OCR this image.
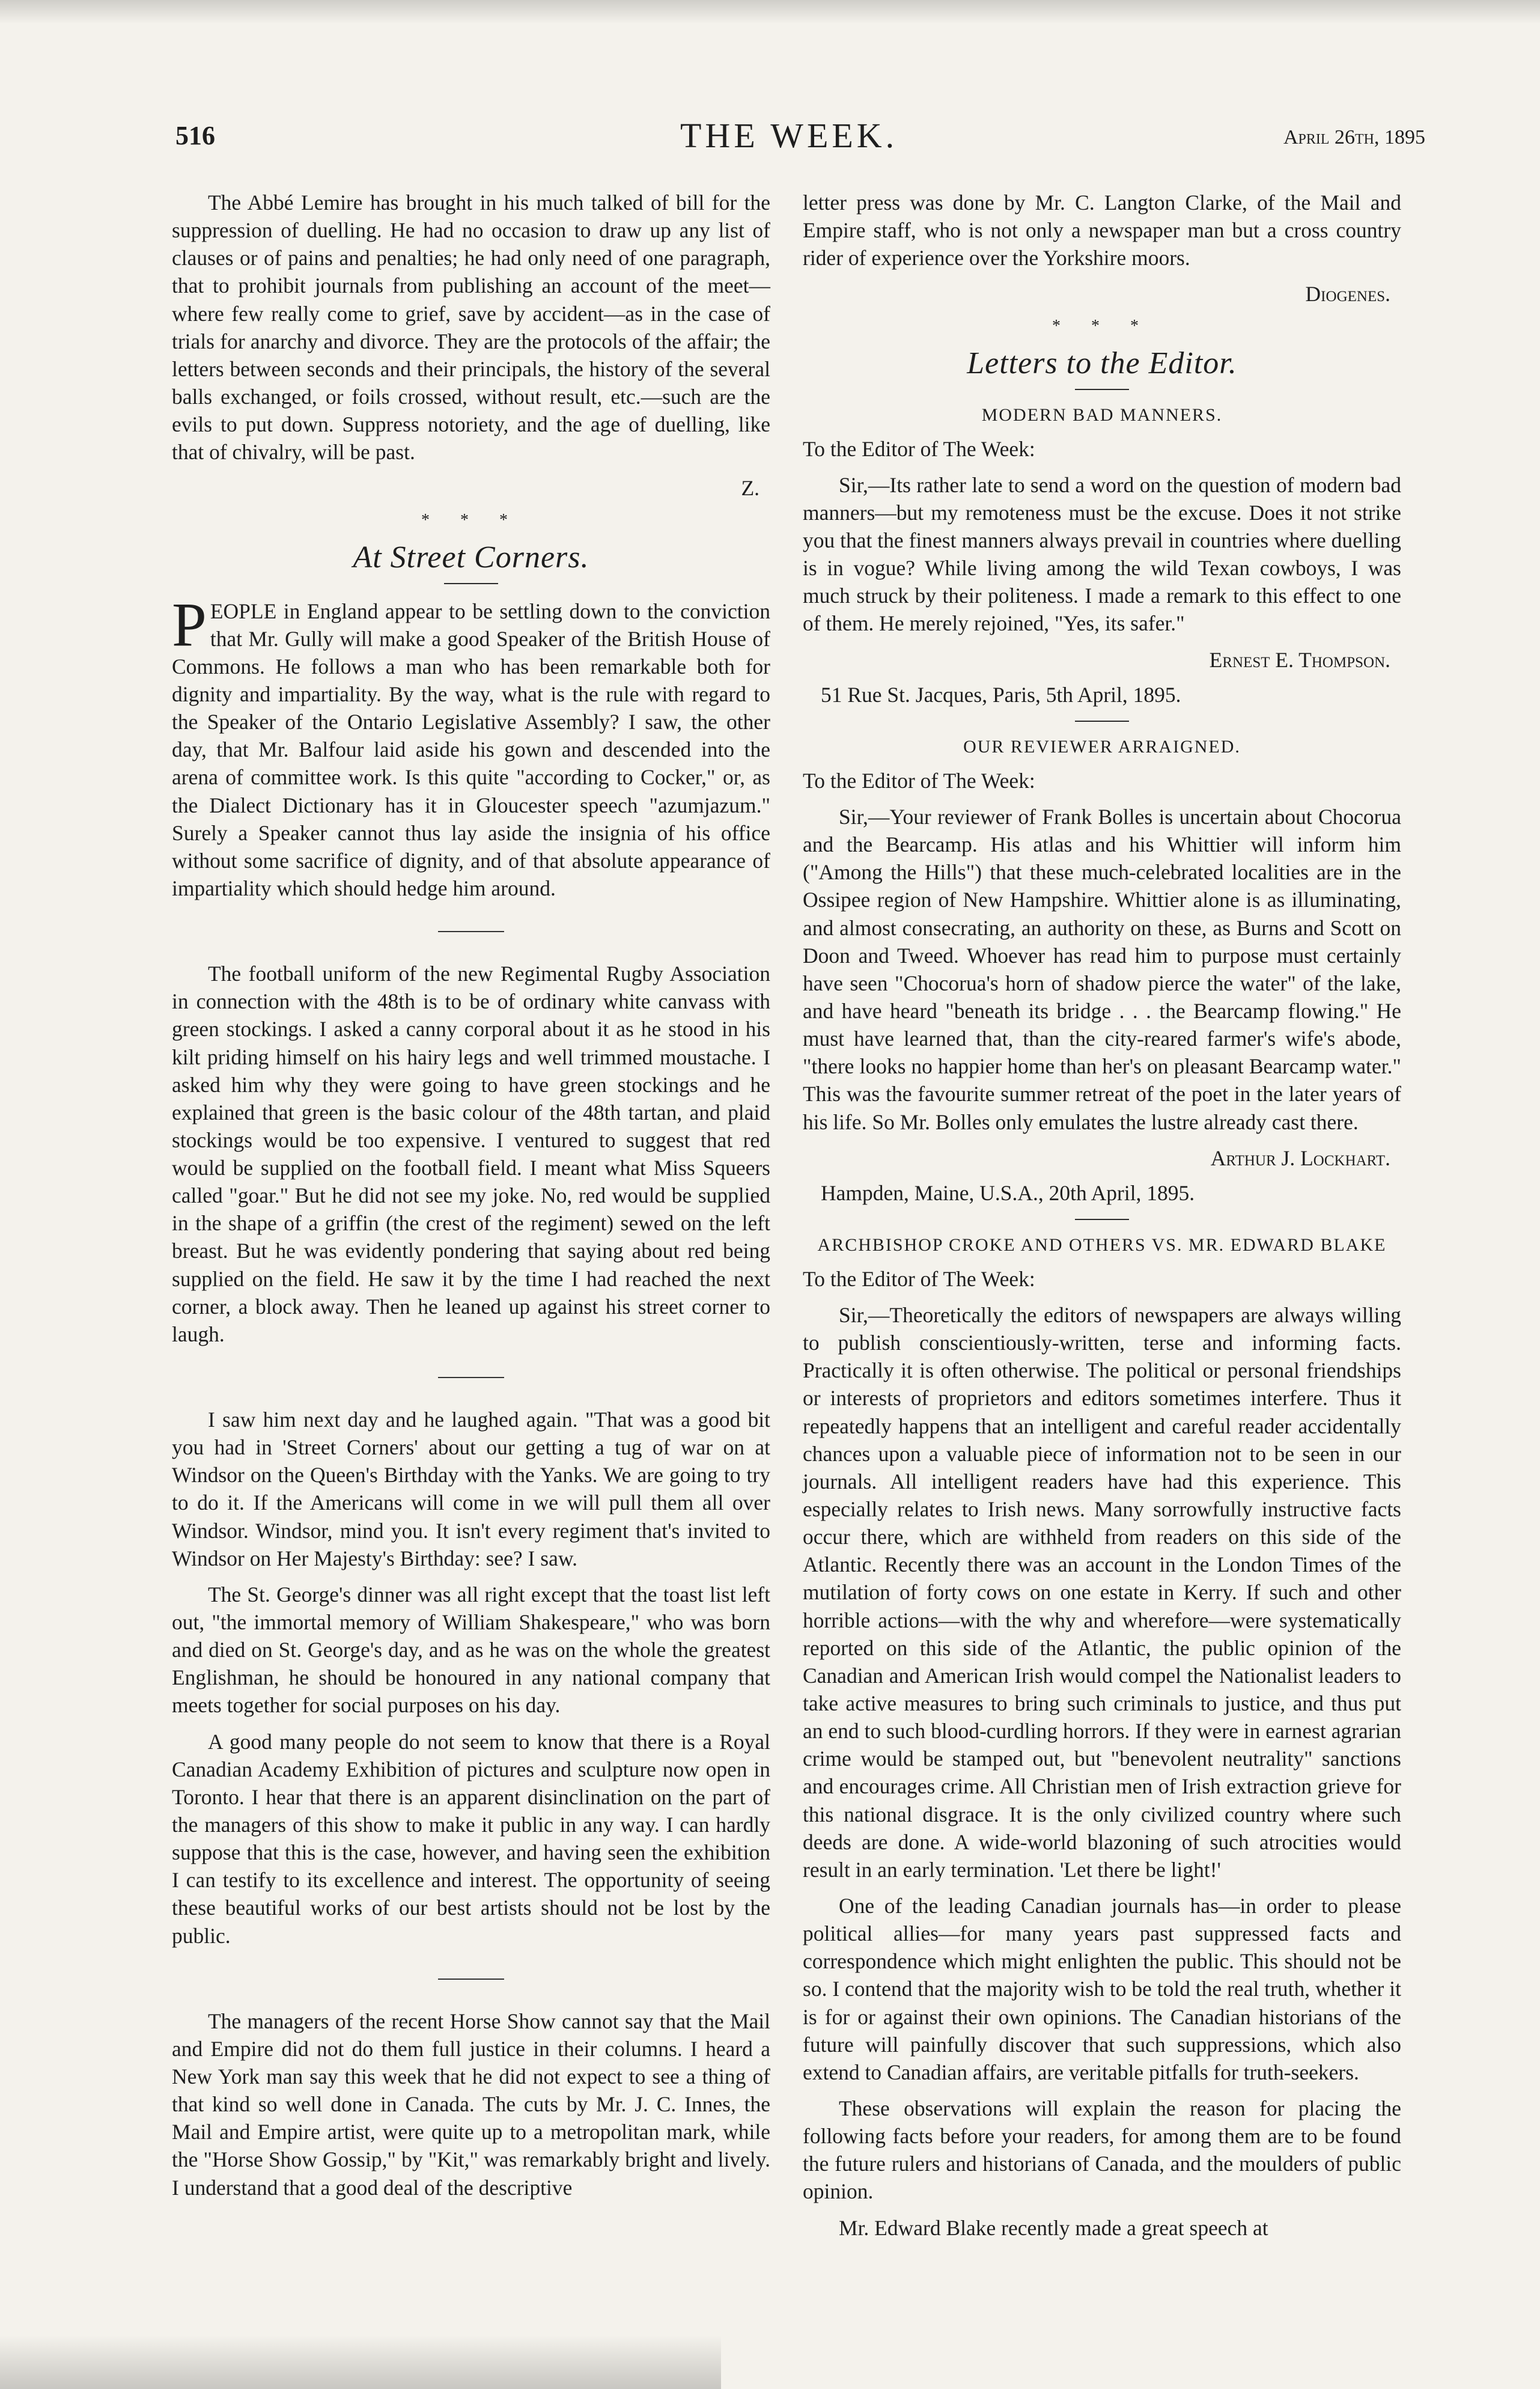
516	THE WEEK.	April 26th, 1895

The Abbé Lemire has brought in his much talked of bill for the suppression of duelling. He had no occasion to draw up any list of clauses or of pains and penalties; he had only need of one paragraph, that to prohibit journals from publishing an account of the meet—where few really come to grief, save by accident—as in the case of trials for anarchy and divorce. They are the protocols of the affair; the letters between seconds and their principals, the history of the several balls exchanged, or foils crossed, without result, etc.—such are the evils to put down. Suppress notoriety, and the age of duelling, like that of chivalry, will be past.

Z.

* * *
At Street Corners.

PEOPLE in England appear to be settling down to the conviction that Mr. Gully will make a good Speaker of the British House of Commons. He follows a man who has been remarkable both for dignity and impartiality. By the way, what is the rule with regard to the Speaker of the Ontario Legislative Assembly? I saw, the other day, that Mr. Balfour laid aside his gown and descended into the arena of committee work. Is this quite "according to Cocker," or, as the Dialect Dictionary has it in Gloucester speech "azumjazum." Surely a Speaker cannot thus lay aside the insignia of his office without some sacrifice of dignity, and of that absolute appearance of impartiality which should hedge him around.

The football uniform of the new Regimental Rugby Association in connection with the 48th is to be of ordinary white canvass with green stockings. I asked a canny corporal about it as he stood in his kilt priding himself on his hairy legs and well trimmed moustache. I asked him why they were going to have green stockings and he explained that green is the basic colour of the 48th tartan, and plaid stockings would be too expensive. I ventured to suggest that red would be supplied on the football field. I meant what Miss Squeers called "goar." But he did not see my joke. No, red would be supplied in the shape of a griffin (the crest of the regiment) sewed on the left breast. But he was evidently pondering that saying about red being supplied on the field. He saw it by the time I had reached the next corner, a block away. Then he leaned up against his street corner to laugh.

I saw him next day and he laughed again. "That was a good bit you had in 'Street Corners' about our getting a tug of war on at Windsor on the Queen's Birthday with the Yanks. We are going to try to do it. If the Americans will come in we will pull them all over Windsor. Windsor, mind you. It isn't every regiment that's invited to Windsor on Her Majesty's Birthday: see? I saw.

The St. George's dinner was all right except that the toast list left out, "the immortal memory of William Shakespeare," who was born and died on St. George's day, and as he was on the whole the greatest Englishman, he should be honoured in any national company that meets together for social purposes on his day.

A good many people do not seem to know that there is a Royal Canadian Academy Exhibition of pictures and sculpture now open in Toronto. I hear that there is an apparent disinclination on the part of the managers of this show to make it public in any way. I can hardly suppose that this is the case, however, and having seen the exhibition I can testify to its excellence and interest. The opportunity of seeing these beautiful works of our best artists should not be lost by the public.

The managers of the recent Horse Show cannot say that the Mail and Empire did not do them full justice in their columns. I heard a New York man say this week that he did not expect to see a thing of that kind so well done in Canada. The cuts by Mr. J. C. Innes, the Mail and Empire artist, were quite up to a metropolitan mark, while the "Horse Show Gossip," by "Kit," was remarkably bright and lively. I understand that a good deal of the descriptive

letter press was done by Mr. C. Langton Clarke, of the Mail and Empire staff, who is not only a newspaper man but a cross country rider of experience over the Yorkshire moors.

Diogenes.

* * *
Letters to the Editor.
MODERN BAD MANNERS.

To the Editor of The Week:

Sir,—Its rather late to send a word on the question of modern bad manners—but my remoteness must be the excuse. Does it not strike you that the finest manners always prevail in countries where duelling is in vogue? While living among the wild Texan cowboys, I was much struck by their politeness. I made a remark to this effect to one of them. He merely rejoined, "Yes, its safer."

Ernest E. Thompson.

51 Rue St. Jacques, Paris, 5th April, 1895.

OUR REVIEWER ARRAIGNED.

To the Editor of The Week:

Sir,—Your reviewer of Frank Bolles is uncertain about Chocorua and the Bearcamp. His atlas and his Whittier will inform him ("Among the Hills") that these much-celebrated localities are in the Ossipee region of New Hampshire. Whittier alone is as illuminating, and almost consecrating, an authority on these, as Burns and Scott on Doon and Tweed. Whoever has read him to purpose must certainly have seen "Chocorua's horn of shadow pierce the water" of the lake, and have heard "beneath its bridge . . . the Bearcamp flowing." He must have learned that, than the city-reared farmer's wife's abode, "there looks no happier home than her's on pleasant Bearcamp water." This was the favourite summer retreat of the poet in the later years of his life. So Mr. Bolles only emulates the lustre already cast there.

Arthur J. Lockhart.

Hampden, Maine, U.S.A., 20th April, 1895.

ARCHBISHOP CROKE AND OTHERS VS. MR. EDWARD BLAKE

To the Editor of The Week:

Sir,—Theoretically the editors of newspapers are always willing to publish conscientiously-written, terse and informing facts. Practically it is often otherwise. The political or personal friendships or interests of proprietors and editors sometimes interfere. Thus it repeatedly happens that an intelligent and careful reader accidentally chances upon a valuable piece of information not to be seen in our journals. All intelligent readers have had this experience. This especially relates to Irish news. Many sorrowfully instructive facts occur there, which are withheld from readers on this side of the Atlantic. Recently there was an account in the London Times of the mutilation of forty cows on one estate in Kerry. If such and other horrible actions—with the why and wherefore—were systematically reported on this side of the Atlantic, the public opinion of the Canadian and American Irish would compel the Nationalist leaders to take active measures to bring such criminals to justice, and thus put an end to such blood-curdling horrors. If they were in earnest agrarian crime would be stamped out, but "benevolent neutrality" sanctions and encourages crime. All Christian men of Irish extraction grieve for this national disgrace. It is the only civilized country where such deeds are done. A wide-world blazoning of such atrocities would result in an early termination. 'Let there be light!'

One of the leading Canadian journals has—in order to please political allies—for many years past suppressed facts and correspondence which might enlighten the public. This should not be so. I contend that the majority wish to be told the real truth, whether it is for or against their own opinions. The Canadian historians of the future will painfully discover that such suppressions, which also extend to Canadian affairs, are veritable pitfalls for truth-seekers.

These observations will explain the reason for placing the following facts before your readers, for among them are to be found the future rulers and historians of Canada, and the moulders of public opinion.

Mr. Edward Blake recently made a great speech at
